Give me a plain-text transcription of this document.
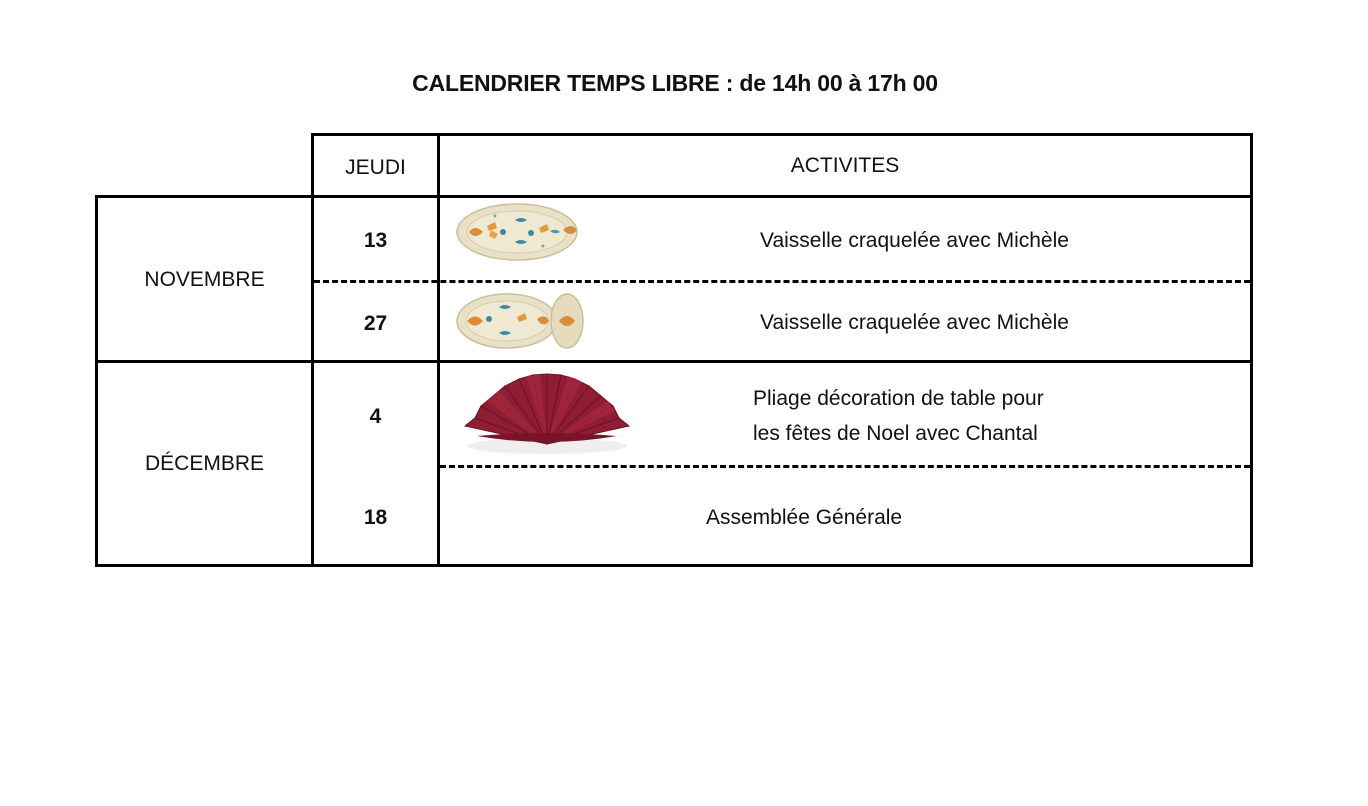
CALENDRIER TEMPS LIBRE : de 14h 00 à 17h 00
JEUDI	ACTIVITES
NOVEMBRE
DÉCEMBRE
13
27
4
18
Vaisselle craquelée avec Michèle
Vaisselle craquelée avec Michèle
Pliage décoration de table pour
les fêtes de Noel avec Chantal
Assemblée Générale
